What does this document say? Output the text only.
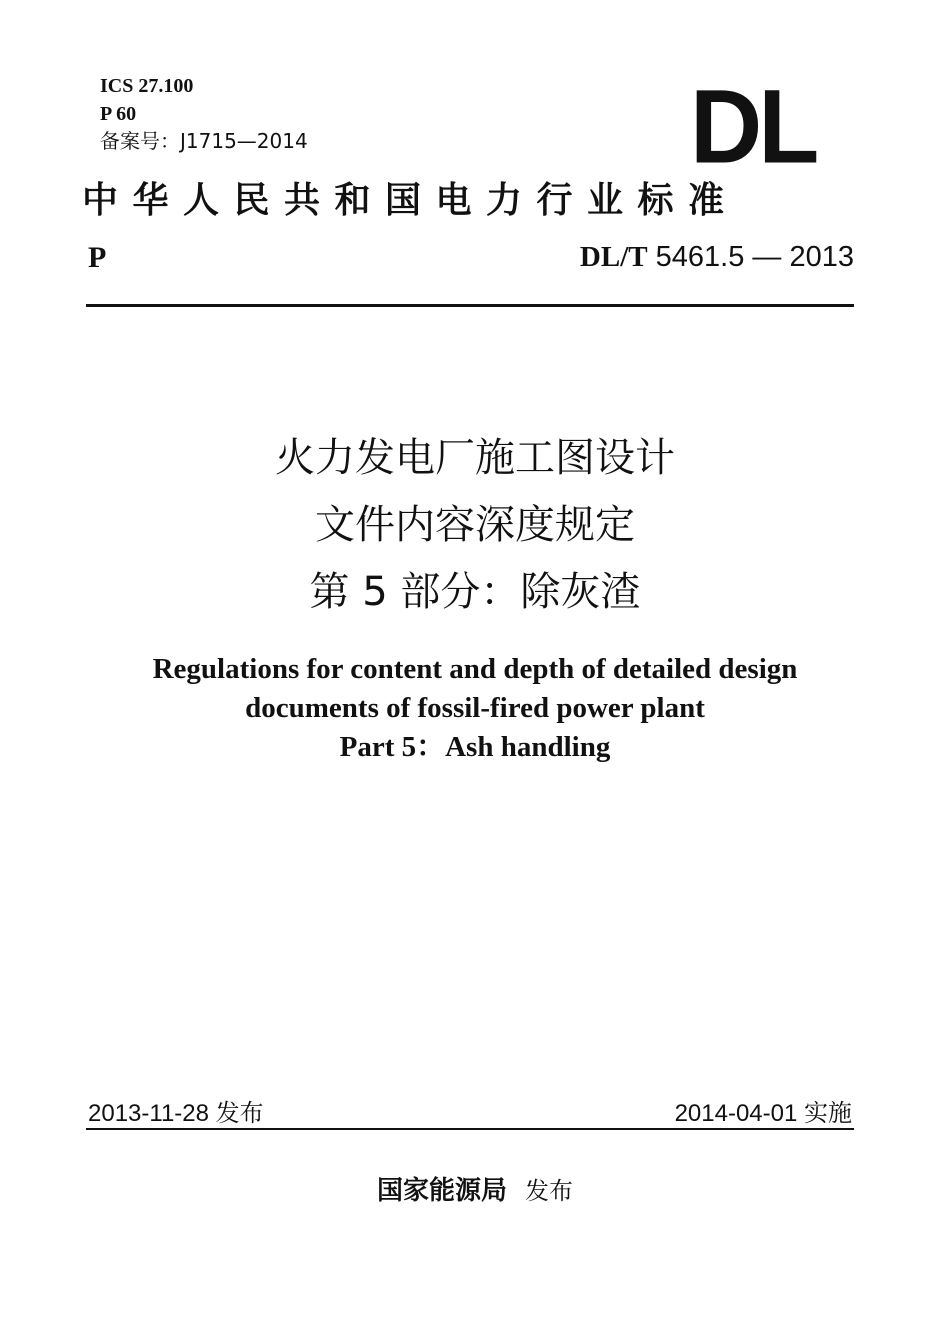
ICS 27.100
P 60
备案号：J1715—2014	DL
中华人民共和国电力行业标准
P	DL/T 5461.5 — 2013
火力发电厂施工图设计
文件内容深度规定
第 5 部分：除灰渣
Regulations for content and depth of detailed design
documents of fossil-fired power plant
Part 5：Ash handling
2013-11-28 发布	2014-04-01 实施
国家能源局 发布
